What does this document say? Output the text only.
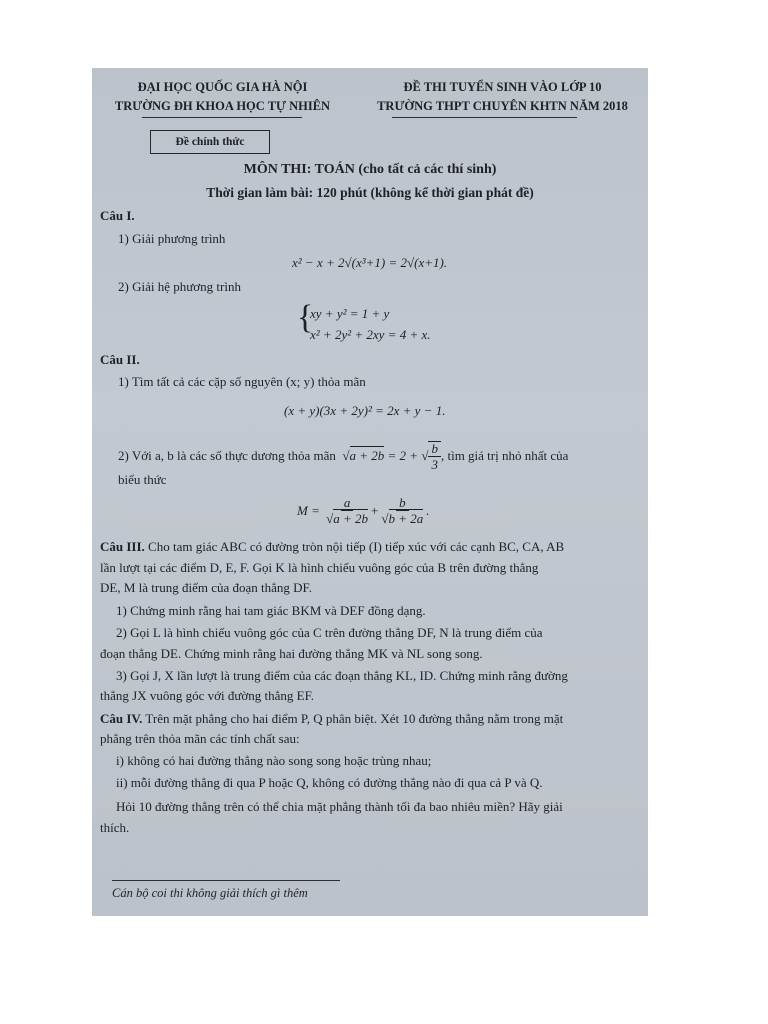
ĐẠI HỌC QUỐC GIA HÀ NỘI
TRƯỜNG ĐH KHOA HỌC TỰ NHIÊN
ĐỀ THI TUYỂN SINH VÀO LỚP 10
TRƯỜNG THPT CHUYÊN KHTN NĂM 2018
Đề chính thức
MÔN THI: TOÁN (cho tất cả các thí sinh)
Thời gian làm bài: 120 phút (không kể thời gian phát đề)
Câu I.
1) Giải phương trình
x² − x + 2√(x³+1) = 2√(x+1).
2) Giải hệ phương trình
{
xy + y² = 1 + y
x² + 2y² + 2xy = 4 + x.
Câu II.
1) Tìm tất cả các cặp số nguyên (x; y) thỏa mãn
(x + y)(3x + 2y)² = 2x + y − 1.
2) Với a, b là các số thực dương thỏa mãn  √a + 2b = 2 + √ $\frac{b}{3}$ , tìm giá trị nhỏ nhất của
biểu thức
M =
$\frac{a}{√a + 2b} + \frac{b}{√b + 2a}$ .
Câu III. Cho tam giác ABC có đường tròn nội tiếp (I) tiếp xúc với các cạnh BC, CA, AB
lần lượt tại các điểm D, E, F. Gọi K là hình chiếu vuông góc của B trên đường thẳng
DE, M là trung điểm của đoạn thẳng DF.
1) Chứng minh rằng hai tam giác BKM và DEF đồng dạng.
2) Gọi L là hình chiếu vuông góc của C trên đường thẳng DF, N là trung điểm của
đoạn thẳng DE. Chứng minh rằng hai đường thẳng MK và NL song song.
3) Gọi J, X lần lượt là trung điểm của các đoạn thẳng KL, ID. Chứng minh rằng đường
thẳng JX vuông góc với đường thẳng EF.
Câu IV. Trên mặt phẳng cho hai điểm P, Q phân biệt. Xét 10 đường thẳng nằm trong mặt
phẳng trên thỏa mãn các tính chất sau:
i) không có hai đường thẳng nào song song hoặc trùng nhau;
ii) mỗi đường thẳng đi qua P hoặc Q, không có đường thẳng nào đi qua cả P và Q.
Hỏi 10 đường thẳng trên có thể chia mặt phẳng thành tối đa bao nhiêu miền? Hãy giải
thích.
Cán bộ coi thi không giải thích gì thêm
